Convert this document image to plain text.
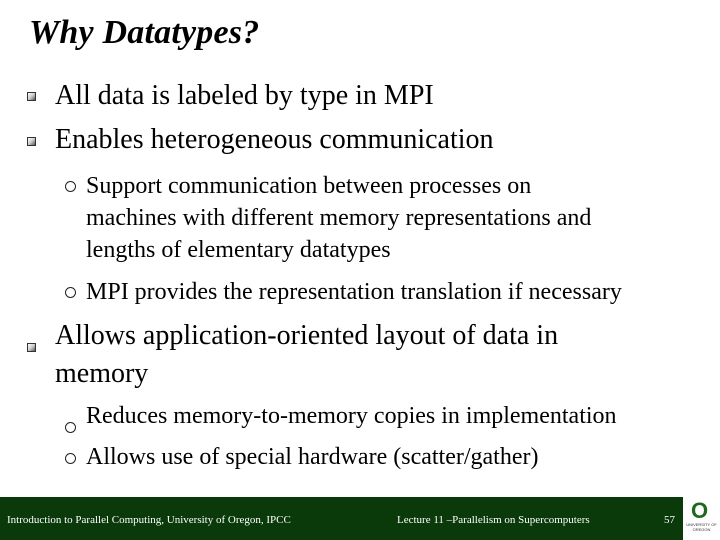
Why Datatypes?
All data is labeled by type in MPI
Enables heterogeneous communication
Support communication between processes on
machines with different memory representations and
lengths of elementary datatypes
MPI provides the representation translation if necessary
Allows application-oriented layout of data in
memory
Reduces memory-to-memory copies in implementation
Allows use of special hardware (scatter/gather)
Introduction to Parallel Computing, University of Oregon, IPCC	Lecture 11 –Parallelism on Supercomputers	57 O
UNIVERSITY OF OREGON
